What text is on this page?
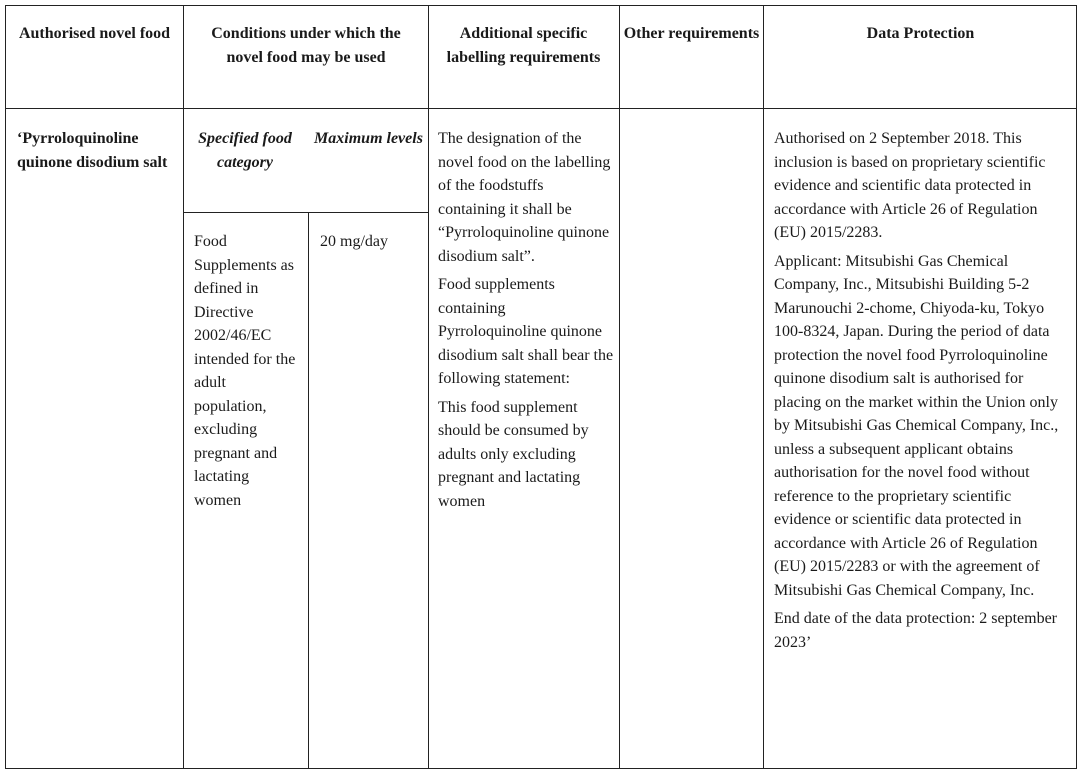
Authorised novel food	Conditions under which the novel food may be used
Additional specific labelling requirements
Other requirements	Data Protection
‘Pyrroloquinoline quinone disodium salt
Specified food category
Maximum levels
Food Supplements as defined in Directive 2002/46/EC intended for the adult population, excluding pregnant and lactating women
20 mg/day

The designation of the novel food on the labelling of the foodstuffs containing it shall be “Pyrroloquinoline quinone disodium salt”.

Food supplements containing Pyrroloquinoline quinone disodium salt shall bear the following statement:

This food supplement should be consumed by adults only excluding pregnant and lactating women

Authorised on 2 September 2018. This inclusion is based on proprietary scientific evidence and scientific data protected in accordance with Article 26 of Regulation (EU) 2015/2283.

Applicant: Mitsubishi Gas Chemical Company, Inc., Mitsubishi Building 5-2 Marunouchi 2-chome, Chiyoda-ku, Tokyo 100-8324, Japan. During the period of data protection the novel food Pyrroloquinoline quinone disodium salt is authorised for placing on the market within the Union only by Mitsubishi Gas Chemical Company, Inc., unless a subsequent applicant obtains authorisation for the novel food without reference to the proprietary scientific evidence or scientific data protected in accordance with Article 26 of Regulation (EU) 2015/2283 or with the agreement of Mitsubishi Gas Chemical Company, Inc.

End date of the data protection: 2 september 2023’
